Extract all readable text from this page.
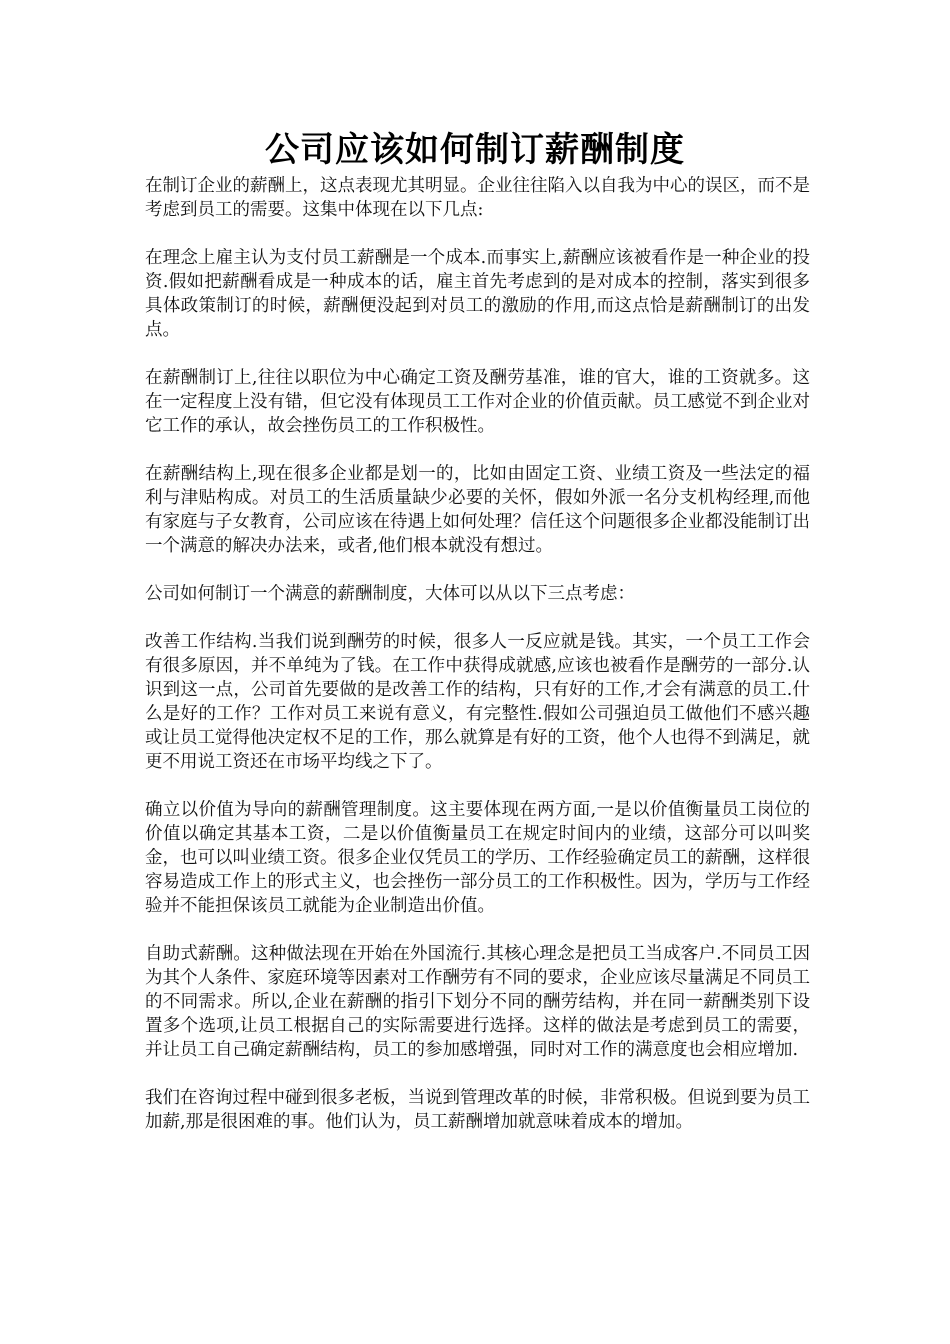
公司应该如何制订薪酬制度

在制订企业的薪酬上，这点表现尤其明显。企业往往陷入以自我为中心的误区，而不是考虑到员工的需要。这集中体现在以下几点:

在理念上雇主认为支付员工薪酬是一个成本.而事实上,薪酬应该被看作是一种企业的投资.假如把薪酬看成是一种成本的话，雇主首先考虑到的是对成本的控制，落实到很多具体政策制订的时候，薪酬便没起到对员工的激励的作用,而这点恰是薪酬制订的出发点。

在薪酬制订上,往往以职位为中心确定工资及酬劳基准，谁的官大，谁的工资就多。这在一定程度上没有错，但它没有体现员工工作对企业的价值贡献。员工感觉不到企业对它工作的承认，故会挫伤员工的工作积极性。

在薪酬结构上,现在很多企业都是划一的，比如由固定工资、业绩工资及一些法定的福利与津贴构成。对员工的生活质量缺少必要的关怀，假如外派一名分支机构经理,而他有家庭与子女教育，公司应该在待遇上如何处理？信任这个问题很多企业都没能制订出一个满意的解决办法来，或者,他们根本就没有想过。

公司如何制订一个满意的薪酬制度，大体可以从以下三点考虑：

改善工作结构.当我们说到酬劳的时候，很多人一反应就是钱。其实，一个员工工作会有很多原因，并不单纯为了钱。在工作中获得成就感,应该也被看作是酬劳的一部分.认识到这一点，公司首先要做的是改善工作的结构，只有好的工作,才会有满意的员工.什么是好的工作？工作对员工来说有意义，有完整性.假如公司强迫员工做他们不感兴趣或让员工觉得他决定权不足的工作，那么就算是有好的工资，他个人也得不到满足，就更不用说工资还在市场平均线之下了。

确立以价值为导向的薪酬管理制度。这主要体现在两方面,一是以价值衡量员工岗位的价值以确定其基本工资，二是以价值衡量员工在规定时间内的业绩，这部分可以叫奖金，也可以叫业绩工资。很多企业仅凭员工的学历、工作经验确定员工的薪酬，这样很容易造成工作上的形式主义，也会挫伤一部分员工的工作积极性。因为，学历与工作经验并不能担保该员工就能为企业制造出价值。

自助式薪酬。这种做法现在开始在外国流行.其核心理念是把员工当成客户.不同员工因为其个人条件、家庭环境等因素对工作酬劳有不同的要求，企业应该尽量满足不同员工的不同需求。所以,企业在薪酬的指引下划分不同的酬劳结构，并在同一薪酬类别下设置多个选项,让员工根据自己的实际需要进行选择。这样的做法是考虑到员工的需要，并让员工自己确定薪酬结构，员工的参加感增强，同时对工作的满意度也会相应增加.

我们在咨询过程中碰到很多老板，当说到管理改革的时候，非常积极。但说到要为员工加薪,那是很困难的事。他们认为，员工薪酬增加就意味着成本的增加。
